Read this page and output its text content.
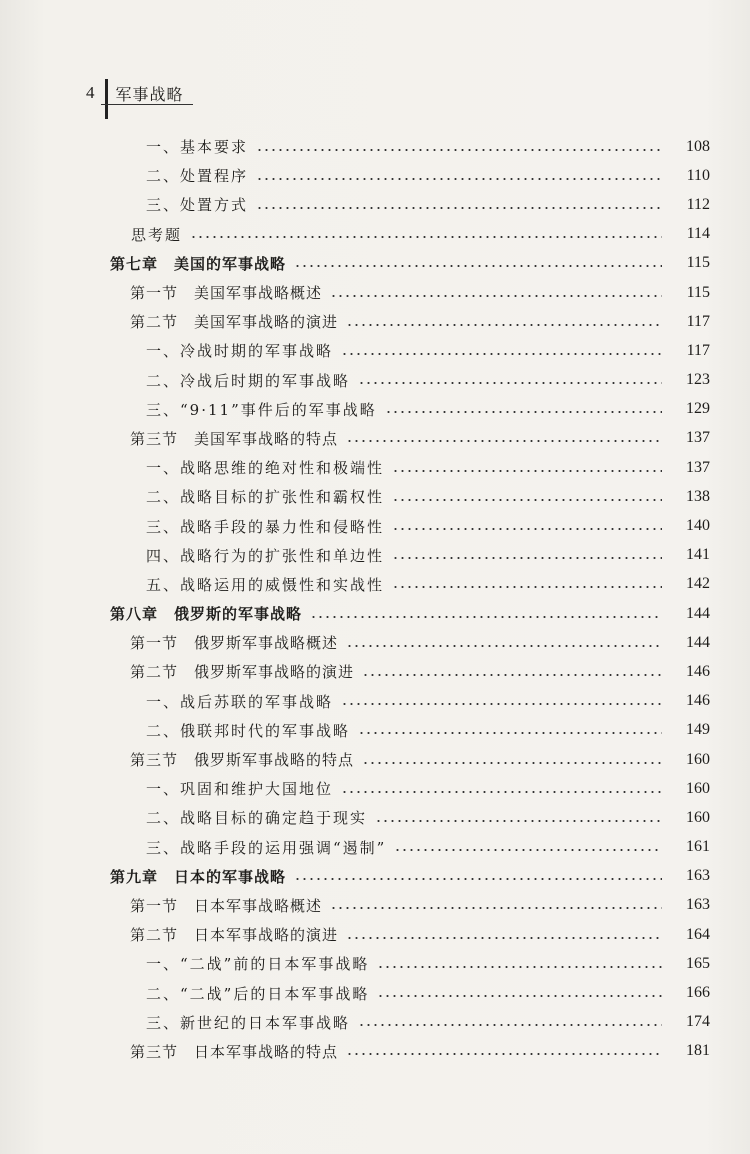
4 军事战略
一、基本要求	108
二、处置程序	110
三、处置方式	112
思考题	114
第七章　美国的军事战略	115
第一节　美国军事战略概述	115
第二节　美国军事战略的演进	117
一、冷战时期的军事战略	117
二、冷战后时期的军事战略	123
三、“9·11”事件后的军事战略	129
第三节　美国军事战略的特点	137
一、战略思维的绝对性和极端性	137
二、战略目标的扩张性和霸权性	138
三、战略手段的暴力性和侵略性	140
四、战略行为的扩张性和单边性	141
五、战略运用的威慑性和实战性	142
第八章　俄罗斯的军事战略	144
第一节　俄罗斯军事战略概述	144
第二节　俄罗斯军事战略的演进	146
一、战后苏联的军事战略	146
二、俄联邦时代的军事战略	149
第三节　俄罗斯军事战略的特点	160
一、巩固和维护大国地位	160
二、战略目标的确定趋于现实	160
三、战略手段的运用强调“遏制”	161
第九章　日本的军事战略	163
第一节　日本军事战略概述	163
第二节　日本军事战略的演进	164
一、“二战”前的日本军事战略	165
二、“二战”后的日本军事战略	166
三、新世纪的日本军事战略	174
第三节　日本军事战略的特点	181
